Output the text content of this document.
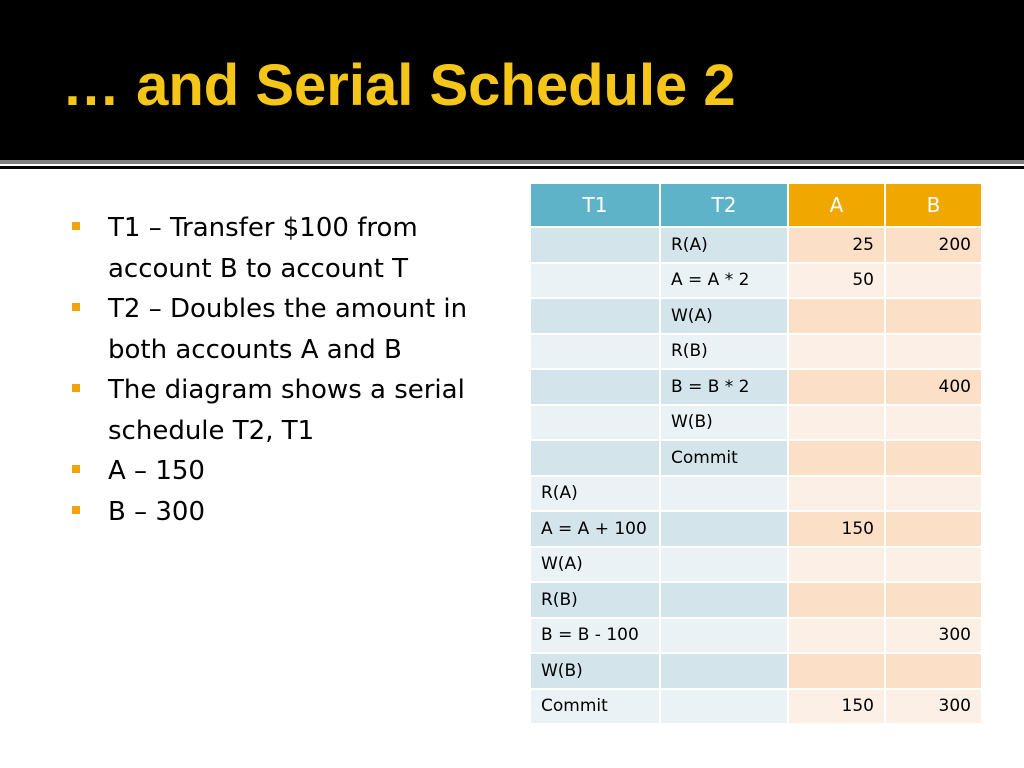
… and Serial Schedule 2
T1 – Transfer $100 from account B to account T
T2 – Doubles the amount in both accounts A and B
The diagram shows a serial schedule T2, T1
A – 150
B – 300
T1	T2	A	B
	R(A)	25	200
	A = A * 2	50	
	W(A)		
	R(B)		
	B = B * 2		400
	W(B)		
	Commit		
R(A)			
A = A + 100		150	
W(A)			
R(B)			
B = B - 100			300
W(B)			
Commit		150	300
